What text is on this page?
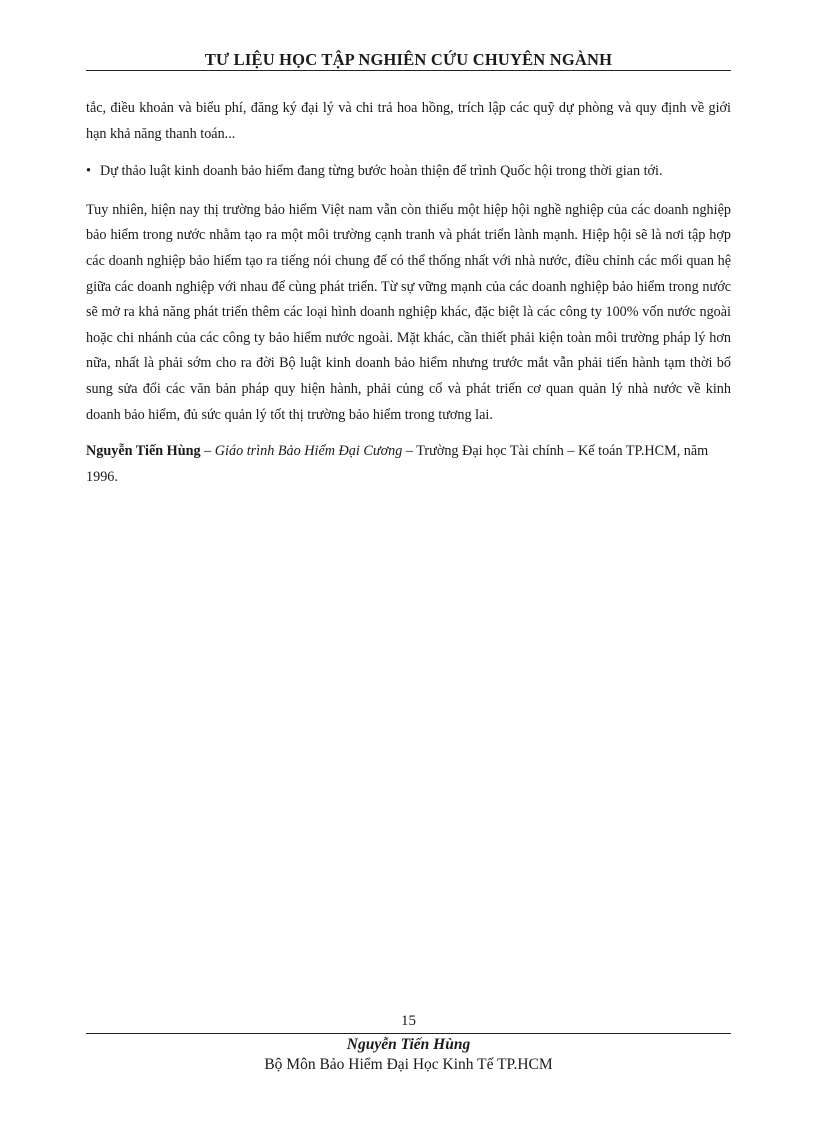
TƯ LIỆU HỌC TẬP NGHIÊN CỨU CHUYÊN NGÀNH

tắc, điều khoản và biểu phí, đăng ký đại lý và chi trả hoa hồng, trích lập các quỹ dự phòng và quy định về giới hạn khả năng thanh toán...

• Dự thảo luật kinh doanh bảo hiểm đang từng bước hoàn thiện để trình Quốc hội trong thời gian tới.

Tuy nhiên, hiện nay thị trường bảo hiểm Việt nam vẫn còn thiếu một hiệp hội nghề nghiệp của các doanh nghiệp bảo hiểm trong nước nhằm tạo ra một môi trường cạnh tranh và phát triển lành mạnh. Hiệp hội sẽ là nơi tập hợp các doanh nghiệp bảo hiểm tạo ra tiếng nói chung để có thể thống nhất với nhà nước, điều chỉnh các mối quan hệ giữa các doanh nghiệp với nhau để cùng phát triển. Từ sự vững mạnh của các doanh nghiệp bảo hiểm trong nước sẽ mở ra khả năng phát triển thêm các loại hình doanh nghiệp khác, đặc biệt là các công ty 100% vốn nước ngoài hoặc chi nhánh của các công ty bảo hiểm nước ngoài. Mặt khác, cần thiết phải kiện toàn môi trường pháp lý hơn nữa, nhất là phải sớm cho ra đời Bộ luật kinh doanh bảo hiểm nhưng trước mắt vẫn phải tiến hành tạm thời bổ sung sửa đổi các văn bản pháp quy hiện hành, phải củng cố và phát triển cơ quan quản lý nhà nước về kinh doanh bảo hiểm, đủ sức quản lý tốt thị trường bảo hiểm trong tương lai.

Nguyễn Tiến Hùng – Giáo trình Bảo Hiểm Đại Cương – Trường Đại học Tài chính – Kế toán TP.HCM, năm 1996.

15
Nguyễn Tiến Hùng
Bộ Môn Bảo Hiểm Đại Học Kinh Tế TP.HCM
